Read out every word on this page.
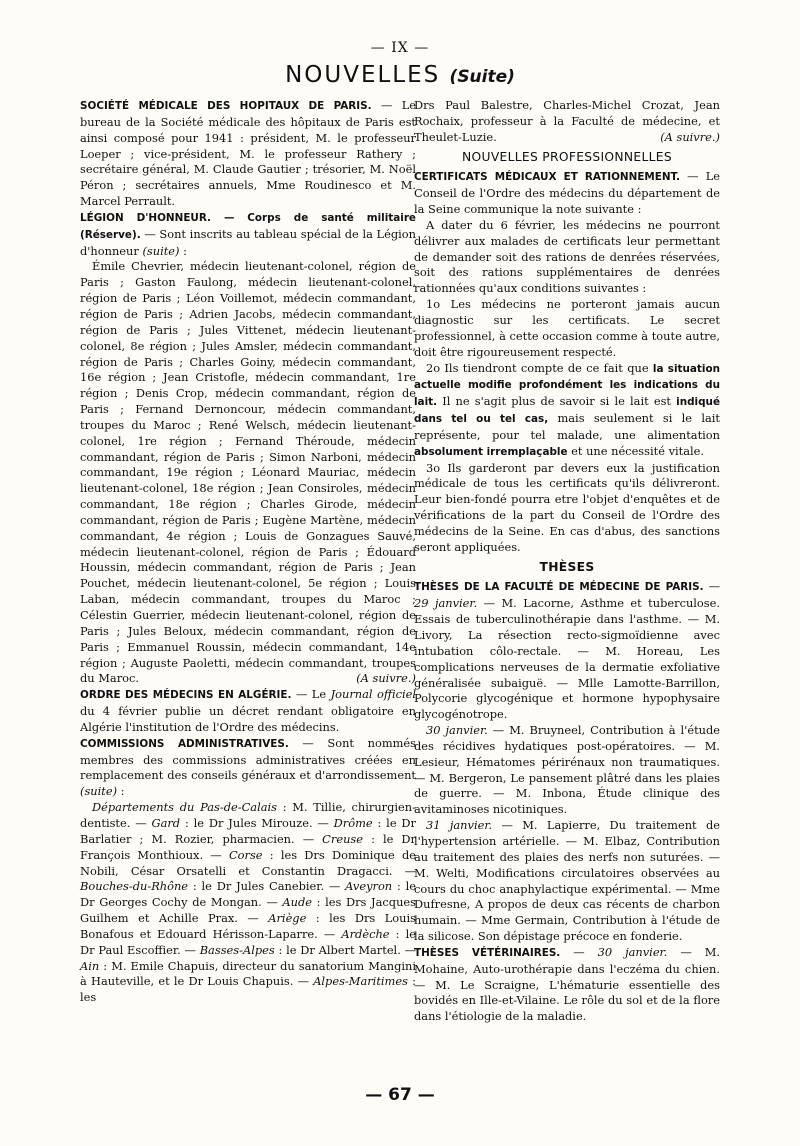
— IX —
NOUVELLES (Suite)

SOCIÉTÉ MÉDICALE DES HOPITAUX DE PARIS. — Le bureau de la Société médicale des hôpitaux de Paris est ainsi composé pour 1941 : président, M. le professeur Loeper ; vice-président, M. le professeur Rathery ; secrétaire général, M. Claude Gautier ; trésorier, M. Noël Péron ; secrétaires annuels, Mme Roudinesco et M. Marcel Perrault.

LÉGION D'HONNEUR. — Corps de santé militaire (Réserve). — Sont inscrits au tableau spécial de la Légion d'honneur (suite) :

Émile Chevrier, médecin lieutenant-colonel, région de Paris ; Gaston Faulong, médecin lieutenant-colonel, région de Paris ; Léon Voillemot, médecin commandant, région de Paris ; Adrien Jacobs, médecin commandant, région de Paris ; Jules Vittenet, médecin lieutenant-colonel, 8e région ; Jules Amsler, médecin commandant, région de Paris ; Charles Goiny, médecin commandant, 16e région ; Jean Cristofle, médecin commandant, 1re région ; Denis Crop, médecin commandant, région de Paris ; Fernand Dernoncour, médecin commandant, troupes du Maroc ; René Welsch, médecin lieutenant-colonel, 1re région ; Fernand Théroude, médecin commandant, région de Paris ; Simon Narboni, médecin commandant, 19e région ; Léonard Mauriac, médecin lieutenant-colonel, 18e région ; Jean Consiroles, médecin commandant, 18e région ; Charles Girode, médecin commandant, région de Paris ; Eugène Martène, médecin commandant, 4e région ; Louis de Gonzagues Sauvé, médecin lieutenant-colonel, région de Paris ; Édouard Houssin, médecin commandant, région de Paris ; Jean Pouchet, médecin lieutenant-colonel, 5e région ; Louis Laban, médecin commandant, troupes du Maroc ; Célestin Guerrier, médecin lieutenant-colonel, région de Paris ; Jules Beloux, médecin commandant, région de Paris ; Emmanuel Roussin, médecin commandant, 14e région ; Auguste Paoletti, médecin commandant, troupes du Maroc.	(A suivre.)

ORDRE DES MÉDECINS EN ALGÉRIE. — Le Journal officiel du 4 février publie un décret rendant obligatoire en Algérie l'institution de l'Ordre des médecins.

COMMISSIONS ADMINISTRATIVES. — Sont nommés membres des commissions administratives créées en remplacement des conseils généraux et d'arrondissement (suite) :

Départements du Pas-de-Calais : M. Tillie, chirurgien-dentiste. — Gard : le Dr Jules Mirouze. — Drôme : le Dr Barlatier ; M. Rozier, pharmacien. — Creuse : le Dr François Monthioux. — Corse : les Drs Dominique de Nobili, César Orsatelli et Constantin Dragacci. — Bouches-du-Rhône : le Dr Jules Canebier. — Aveyron : le Dr Georges Cochy de Mongan. — Aude : les Drs Jacques Guilhem et Achille Prax. — Ariège : les Drs Louis Bonafous et Edouard Hérisson-Laparre. — Ardèche : le Dr Paul Escoffier. — Basses-Alpes : le Dr Albert Martel. — Ain : M. Emile Chapuis, directeur du sanatorium Mangini à Hauteville, et le Dr Louis Chapuis. — Alpes-Maritimes : les

Drs Paul Balestre, Charles-Michel Crozat, Jean Rochaix, professeur à la Faculté de médecine, et Theulet-Luzie.	(A suivre.)

NOUVELLES PROFESSIONNELLES

CERTIFICATS MÉDICAUX ET RATIONNEMENT. — Le Conseil de l'Ordre des médecins du département de la Seine communique la note suivante :

A dater du 6 février, les médecins ne pourront délivrer aux malades de certificats leur permettant de demander soit des rations de denrées réservées, soit des rations supplémentaires de denrées rationnées qu'aux conditions suivantes :

1o Les médecins ne porteront jamais aucun diagnostic sur les certificats. Le secret professionnel, à cette occasion comme à toute autre, doit être rigoureusement respecté.

2o Ils tiendront compte de ce fait que la situation actuelle modifie profondément les indications du lait. Il ne s'agit plus de savoir si le lait est indiqué dans tel ou tel cas, mais seulement si le lait représente, pour tel malade, une alimentation absolument irremplaçable et une nécessité vitale.

3o Ils garderont par devers eux la justification médicale de tous les certificats qu'ils délivreront. Leur bien-fondé pourra etre l'objet d'enquêtes et de vérifications de la part du Conseil de l'Ordre des médecins de la Seine. En cas d'abus, des sanctions seront appliquées.

THÈSES

THÈSES DE LA FACULTÉ DE MÉDECINE DE PARIS. — 29 janvier. — M. Lacorne, Asthme et tuberculose. Essais de tuberculinothérapie dans l'asthme. — M. Livory, La résection recto-sigmoïdienne avec intubation côlo-rectale. — M. Horeau, Les complications nerveuses de la dermatie exfoliative généralisée subaiguë. — Mlle Lamotte-Barrillon, Polycorie glycogénique et hormone hypophysaire glycogénotrope.

30 janvier. — M. Bruyneel, Contribution à l'étude des récidives hydatiques post-opératoires. — M. Lesieur, Hématomes périrénaux non traumatiques. — M. Bergeron, Le pansement plâtré dans les plaies de guerre. — M. Inbona, Étude clinique des avitaminoses nicotiniques.

31 janvier. — M. Lapierre, Du traitement de l'hypertension artérielle. — M. Elbaz, Contribution au traitement des plaies des nerfs non suturées. — M. Welti, Modifications circulatoires observées au cours du choc anaphylactique expérimental. — Mme Dufresne, A propos de deux cas récents de charbon humain. — Mme Germain, Contribution à l'étude de la silicose. Son dépistage précoce en fonderie.

THÈSES VÉTÉRINAIRES. — 30 janvier. — M. Mohaine, Auto-urothérapie dans l'eczéma du chien. — M. Le Scraigne, L'hématurie essentielle des bovidés en Ille-et-Vilaine. Le rôle du sol et de la flore dans l'étiologie de la maladie.

— 67 —
